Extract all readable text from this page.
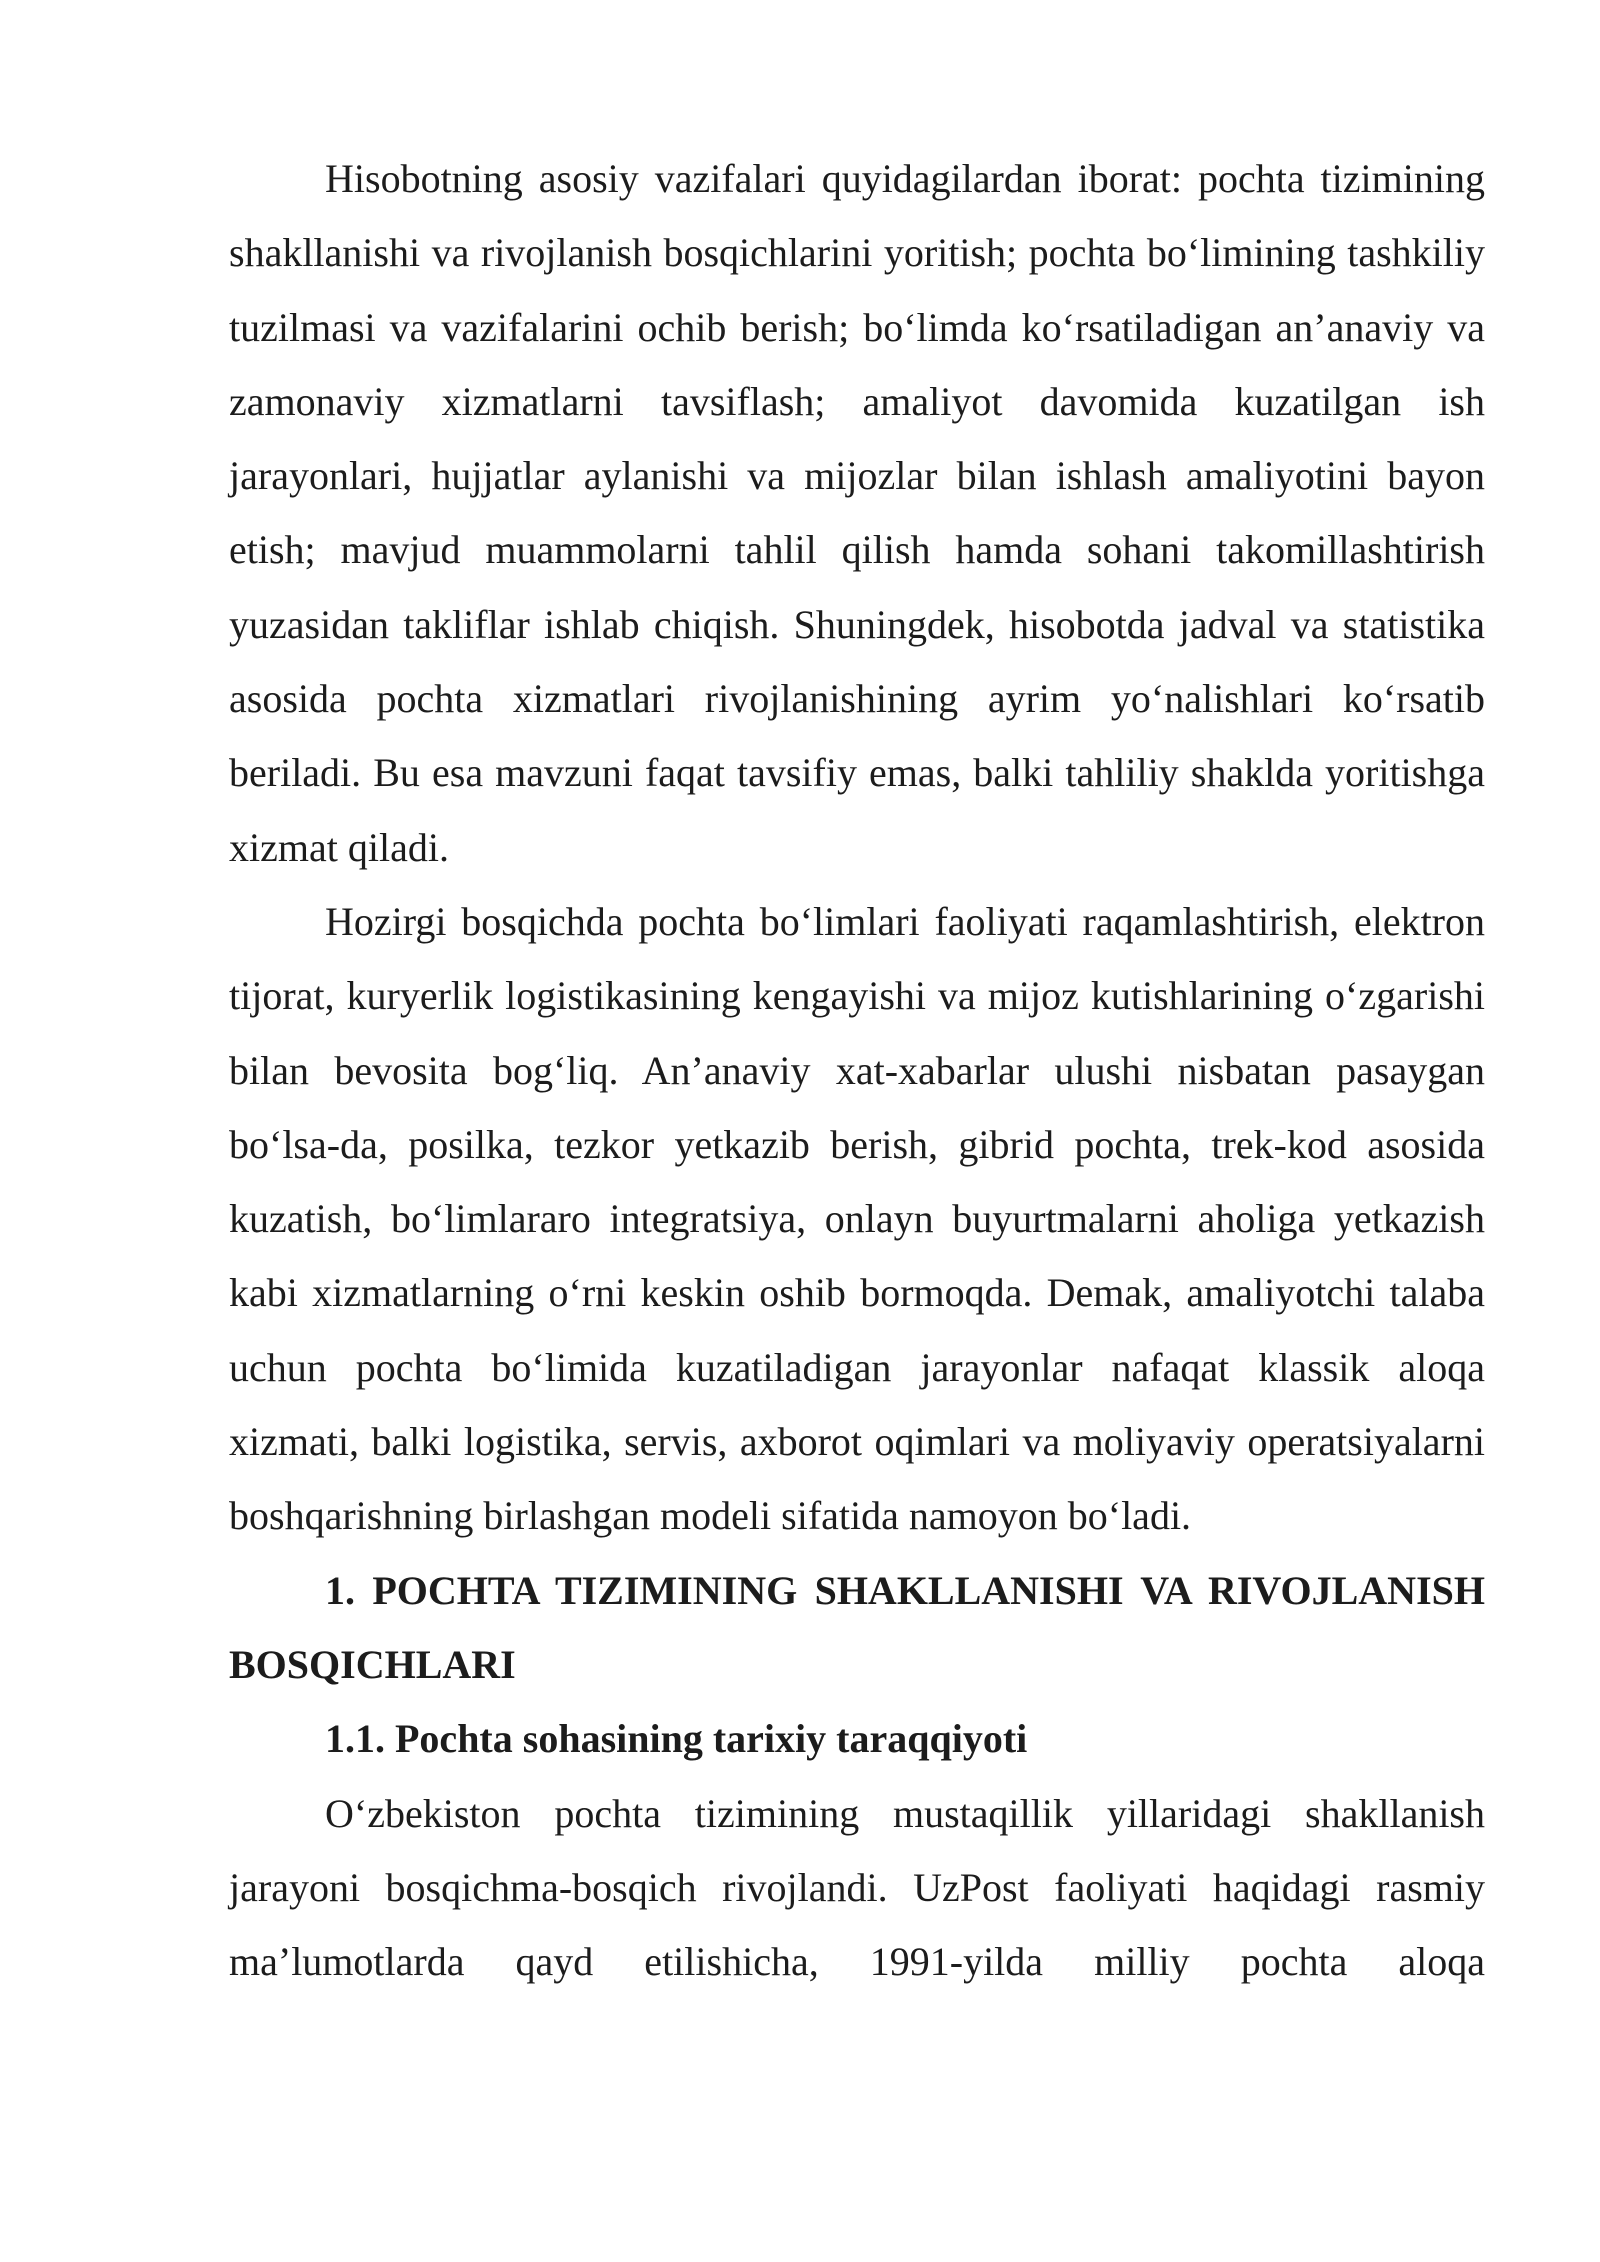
Hisobotning asosiy vazifalari quyidagilardan iborat: pochta tizimining shakllanishi va rivojlanish bosqichlarini yoritish; pochta bo‘limining tashkiliy tuzilmasi va vazifalarini ochib berish; bo‘limda ko‘rsatiladigan an’anaviy va zamonaviy xizmatlarni tavsiflash; amaliyot davomida kuzatilgan ish jarayonlari, hujjatlar aylanishi va mijozlar bilan ishlash amaliyotini bayon etish; mavjud muammolarni tahlil qilish hamda sohani takomillashtirish yuzasidan takliflar ishlab chiqish. Shuningdek, hisobotda jadval va statistika asosida pochta xizmatlari rivojlanishining ayrim yo‘nalishlari ko‘rsatib beriladi. Bu esa mavzuni faqat tavsifiy emas, balki tahliliy shaklda yoritishga xizmat qiladi.

Hozirgi bosqichda pochta bo‘limlari faoliyati raqamlashtirish, elektron tijorat, kuryerlik logistikasining kengayishi va mijoz kutishlarining o‘zgarishi bilan bevosita bog‘liq. An’anaviy xat-xabarlar ulushi nisbatan pasaygan bo‘lsa-da, posilka, tezkor yetkazib berish, gibrid pochta, trek-kod asosida kuzatish, bo‘limlararo integratsiya, onlayn buyurtmalarni aholiga yetkazish kabi xizmatlarning o‘rni keskin oshib bormoqda. Demak, amaliyotchi talaba uchun pochta bo‘limida kuzatiladigan jarayonlar nafaqat klassik aloqa xizmati, balki logistika, servis, axborot oqimlari va moliyaviy operatsiyalarni boshqarishning birlashgan modeli sifatida namoyon bo‘ladi.

1. POCHTA TIZIMINING SHAKLLANISHI VA RIVOJLANISH BOSQICHLARI
1.1. Pochta sohasining tarixiy taraqqiyoti

O‘zbekiston pochta tizimining mustaqillik yillaridagi shakllanish jarayoni bosqichma-bosqich rivojlandi. UzPost faoliyati haqidagi rasmiy ma’lumotlarda qayd etilishicha, 1991-yilda milliy pochta aloqa
